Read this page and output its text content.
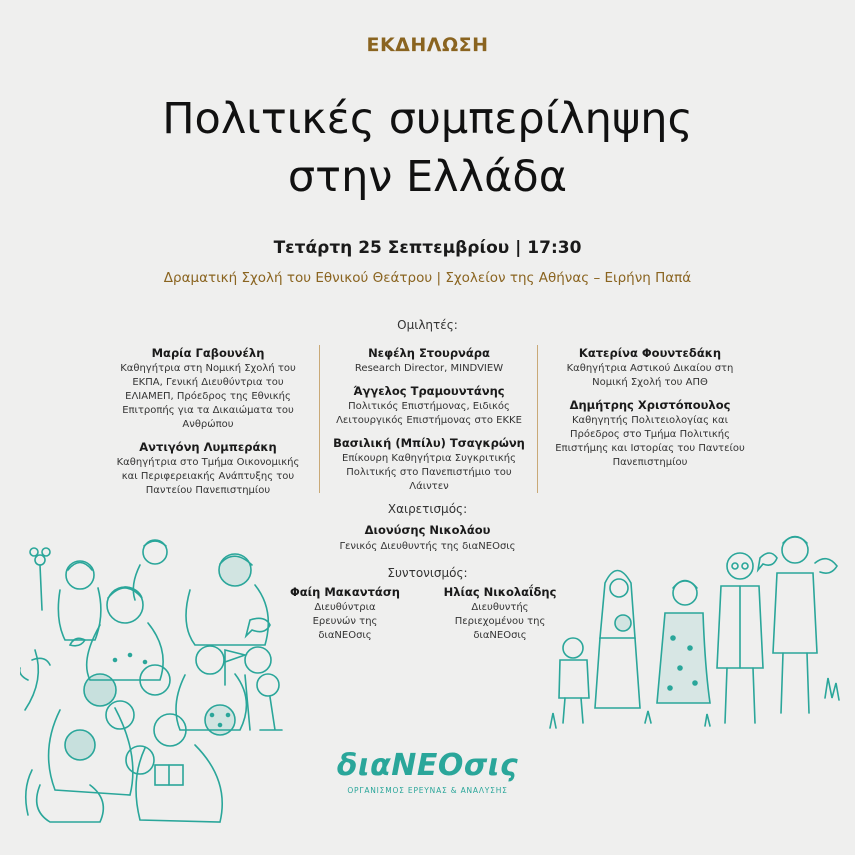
ΕΚΔΗΛΩΣΗ
Πολιτικές συμπερίληψης
στην Ελλάδα
Τετάρτη 25 Σεπτεμβρίου | 17:30
Δραματική Σχολή του Εθνικού Θεάτρου | Σχολείον της Αθήνας – Ειρήνη Παπά
Ομιλητές:
Μαρία Γαβουνέλη
Καθηγήτρια στη Νομική Σχολή του ΕΚΠΑ, Γενική Διευθύντρια του ΕΛΙΑΜΕΠ, Πρόεδρος της Εθνικής Επιτροπής για τα Δικαιώματα του Ανθρώπου
Αντιγόνη Λυμπεράκη
Καθηγήτρια στο Τμήμα Οικονομικής και Περιφερειακής Ανάπτυξης του Παντείου Πανεπιστημίου
Νεφέλη Στουρνάρα
Research Director, MINDVIEW
Άγγελος Τραμουντάνης
Πολιτικός Επιστήμονας, Ειδικός Λειτουργικός Επιστήμονας στο ΕΚΚΕ
Βασιλική (Μπίλυ) Τσαγκρώνη
Επίκουρη Καθηγήτρια Συγκριτικής Πολιτικής στο Πανεπιστήμιο του Λάιντεν
Κατερίνα Φουντεδάκη
Καθηγήτρια Αστικού Δικαίου στη Νομική Σχολή του ΑΠΘ
Δημήτρης Χριστόπουλος
Καθηγητής Πολιτειολογίας και Πρόεδρος στο Τμήμα Πολιτικής Επιστήμης και Ιστορίας του Παντείου Πανεπιστημίου
Χαιρετισμός:
Διονύσης Νικολάου
Γενικός Διευθυντής της διαΝΕΟσις
Συντονισμός:
Φαίη Μακαντάση
Διευθύντρια Ερευνών της διαΝΕΟσις
Ηλίας Νικολαΐδης
Διευθυντής Περιεχομένου της διαΝΕΟσις
διαΝΕΟσις
ΟΡΓΑΝΙΣΜΟΣ ΕΡΕΥΝΑΣ & ΑΝΑΛΥΣΗΣ
